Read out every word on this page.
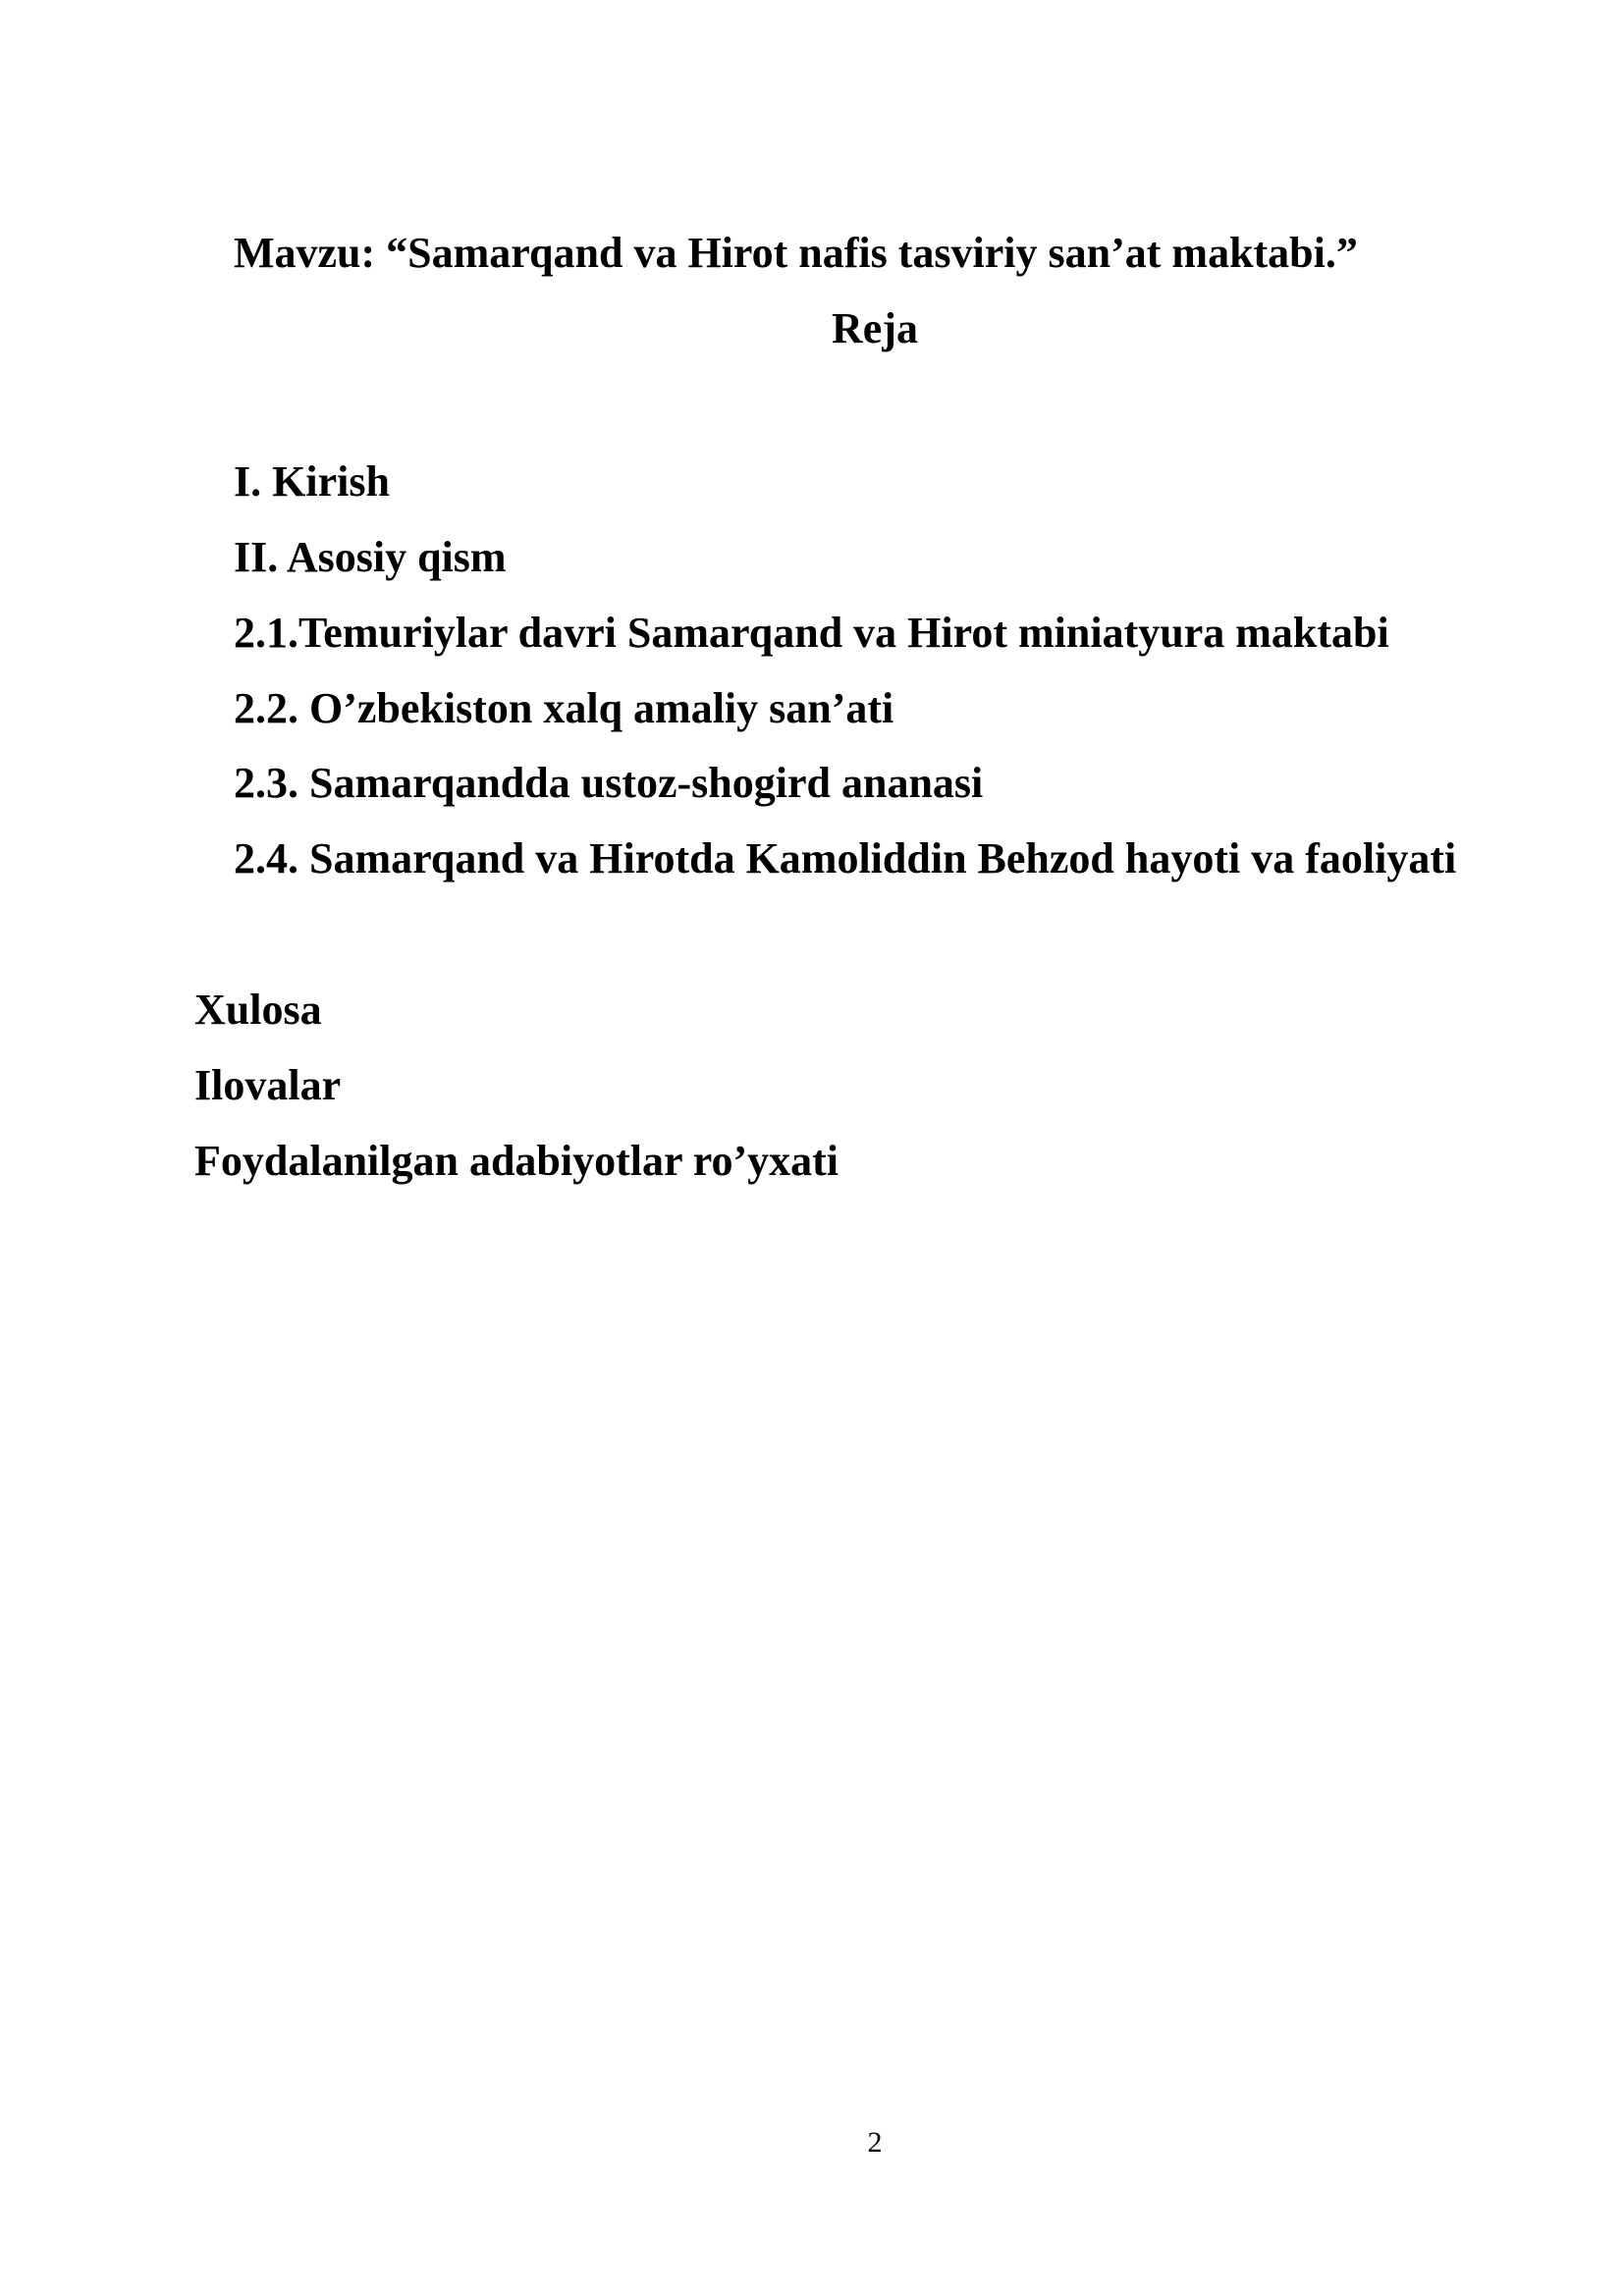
Mavzu: “Samarqand va Hirot nafis tasviriy san’at maktabi.”
Reja
I. Kirish
II. Asosiy qism
2.1.Temuriylar davri Samarqand va Hirot miniatyura maktabi
2.2. O’zbekiston xalq amaliy san’ati
2.3. Samarqandda ustoz-shogird ananasi
2.4. Samarqand va Hirotda Kamoliddin Behzod hayoti va faoliyati
Xulosa
Ilovalar
Foydalanilgan adabiyotlar ro’yxati
2
